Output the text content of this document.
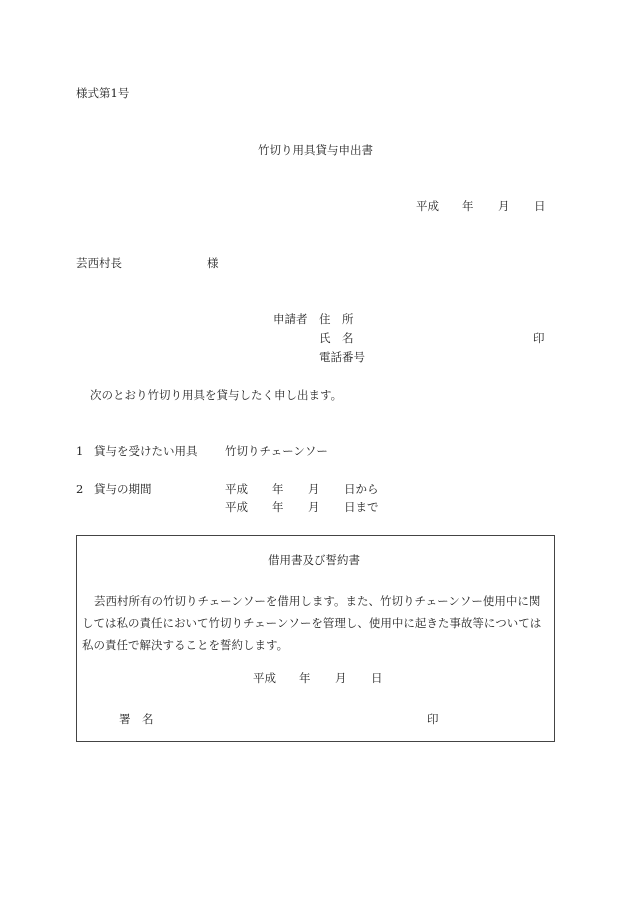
様式第1号
竹切り用具貸与申出書
平成 年 月 日
芸西村長	様
申請者 住　所
氏　名	印
電話番号
次のとおり竹切り用具を貸与したく申し出ます。
1 貸与を受けたい用具 竹切りチェーンソー
2 貸与の期間	平成 年 月 日から
平成 年 月 日まで
借用書及び誓約書

芸西村所有の竹切りチェーンソーを借用します。また、竹切りチェーンソー使用中に関

しては私の責任において竹切りチェーンソーを管理し、使用中に起きた事故等については

私の責任で解決することを誓約します。

平成 年 月 日
署　名	印
